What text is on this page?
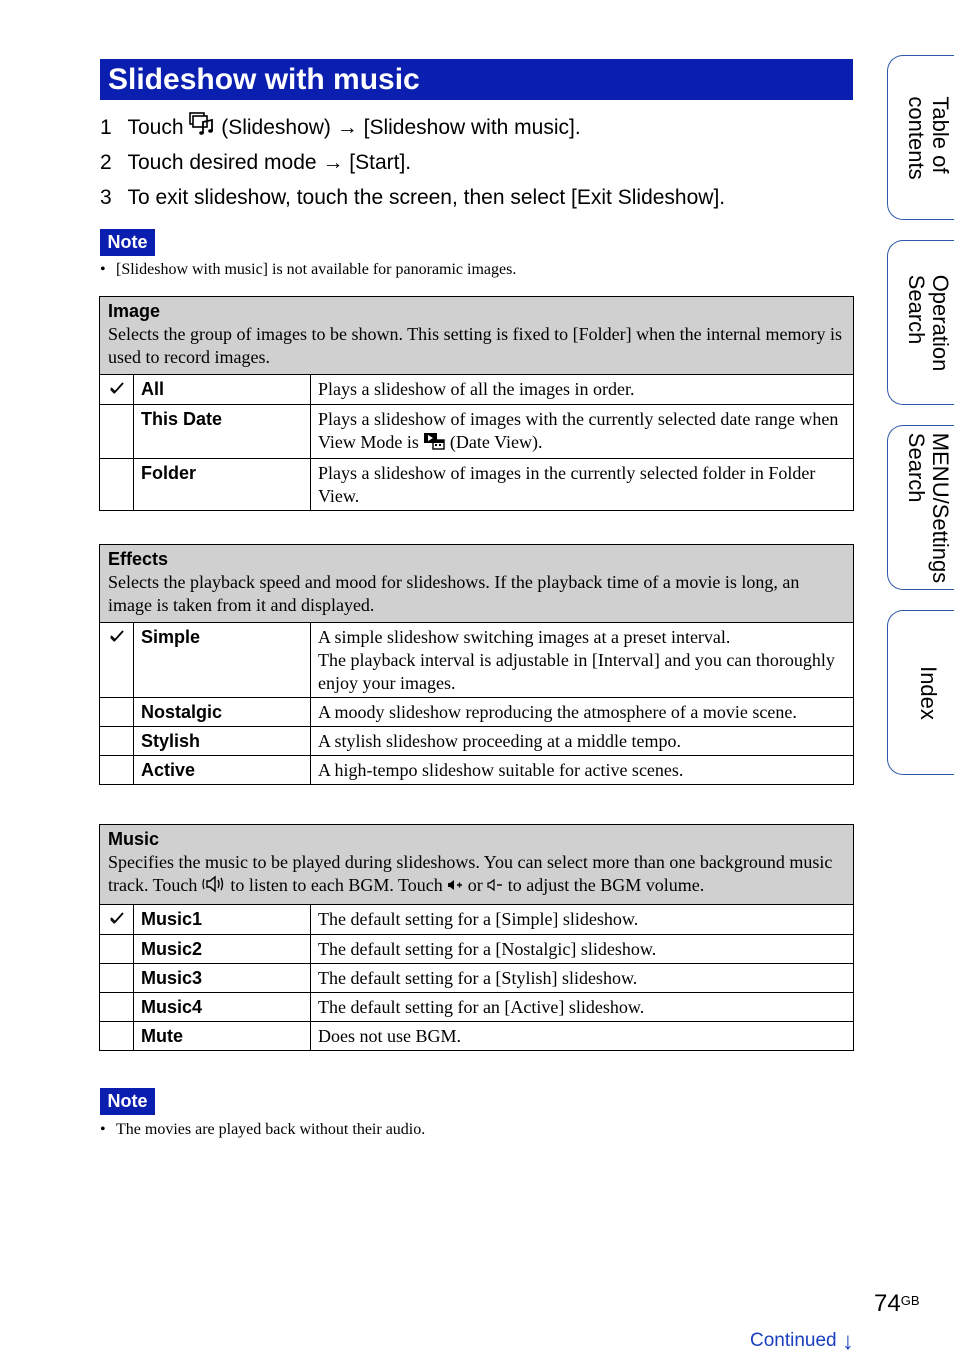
Slideshow with music
1 Touch (Slideshow) → [Slideshow with music].
2 Touch desired mode → [Start].
3 To exit slideshow, touch the screen, then select [Exit Slideshow].
Note
• [Slideshow with music] is not available for panoramic images.
Image
Selects the group of images to be shown. This setting is fixed to [Folder] when the internal memory is used to record images.		

	All	Plays a slideshow of all the images in order.
	This Date	Plays a slideshow of images with the currently selected date range when View Mode is (Date View).
	Folder	Plays a slideshow of images in the currently selected folder in Folder View.
Effects
Selects the playback speed and mood for slideshows. If the playback time of a movie is long, an image is taken from it and displayed.		

	Simple	A simple slideshow switching images at a preset interval.
The playback interval is adjustable in [Interval] and you can thoroughly enjoy your images.

	Nostalgic	A moody slideshow reproducing the atmosphere of a movie scene.
	Stylish	A stylish slideshow proceeding at a middle tempo.
	Active	A high-tempo slideshow suitable for active scenes.
Music
Specifies the music to be played during slideshows. You can select more than one background music track. Touch to listen to each BGM. Touch or to adjust the BGM volume.		

	Music1	The default setting for a [Simple] slideshow.
	Music2	The default setting for a [Nostalgic] slideshow.
	Music3	The default setting for a [Stylish] slideshow.
	Music4	The default setting for an [Active] slideshow.
	Mute	Does not use BGM.
Note
• The movies are played back without their audio.
Table of
contents
Operation
Search
MENU/Settings
Search
Index
$74^{GB}$
Continued ↓
